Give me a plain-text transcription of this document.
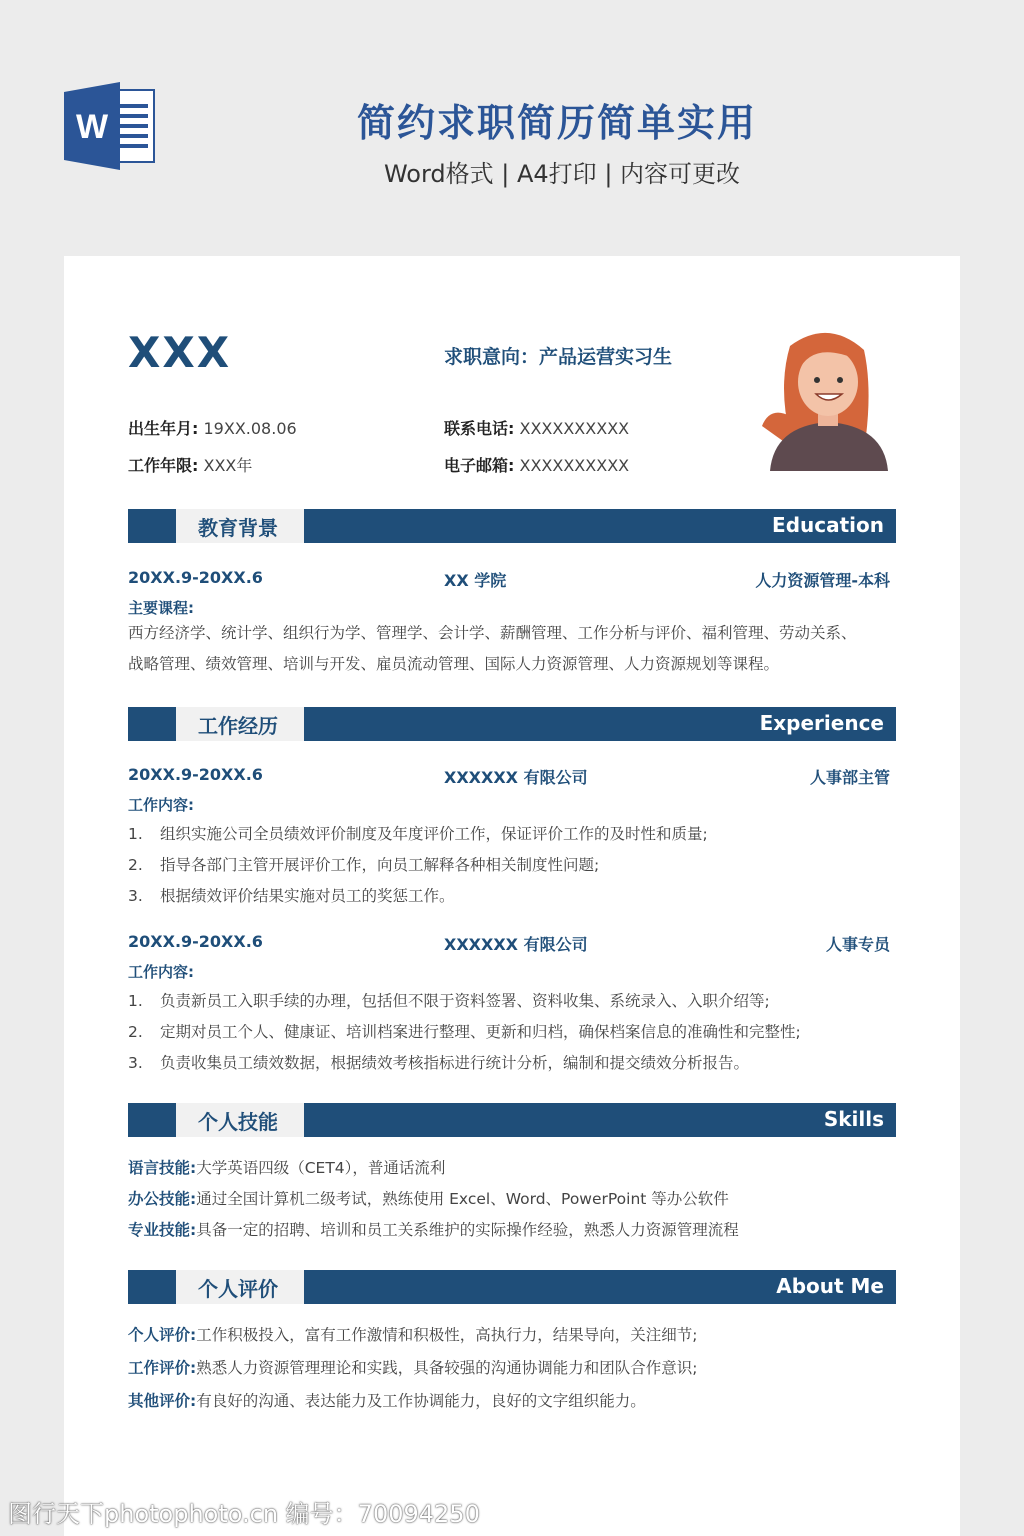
W	简约求职简历简单实用
Word格式 | A4打印 | 内容可更改
XXX	求职意向：产品运营实习生
出生年月: 19XX.08.06
工作年限: XXX年
联系电话: XXXXXXXXXX
电子邮箱: XXXXXXXXXX
教育背景	Education
20XX.9-20XX.6	XX 学院	人力资源管理-本科
主要课程:
西方经济学、统计学、组织行为学、管理学、会计学、薪酬管理、工作分析与评价、福利管理、劳动关系、
战略管理、绩效管理、培训与开发、雇员流动管理、国际人力资源管理、人力资源规划等课程。
工作经历	Experience
20XX.9-20XX.6	XXXXXX 有限公司	人事部主管
工作内容:
1. 组织实施公司全员绩效评价制度及年度评价工作，保证评价工作的及时性和质量;
2. 指导各部门主管开展评价工作，向员工解释各种相关制度性问题;
3. 根据绩效评价结果实施对员工的奖惩工作。
20XX.9-20XX.6	XXXXXX 有限公司	人事专员
工作内容:
1. 负责新员工入职手续的办理，包括但不限于资料签署、资料收集、系统录入、入职介绍等;
2. 定期对员工个人、健康证、培训档案进行整理、更新和归档，确保档案信息的准确性和完整性;
3. 负责收集员工绩效数据，根据绩效考核指标进行统计分析，编制和提交绩效分析报告。
个人技能	Skills
语言技能:大学英语四级（CET4），普通话流利
办公技能:通过全国计算机二级考试，熟练使用 Excel、Word、PowerPoint 等办公软件
专业技能:具备一定的招聘、培训和员工关系维护的实际操作经验，熟悉人力资源管理流程
个人评价	About Me
个人评价:工作积极投入，富有工作激情和积极性，高执行力，结果导向，关注细节;
工作评价:熟悉人力资源管理理论和实践，具备较强的沟通协调能力和团队合作意识;
其他评价:有良好的沟通、表达能力及工作协调能力，良好的文字组织能力。
图行天下photophoto.cn 编号：70094250
